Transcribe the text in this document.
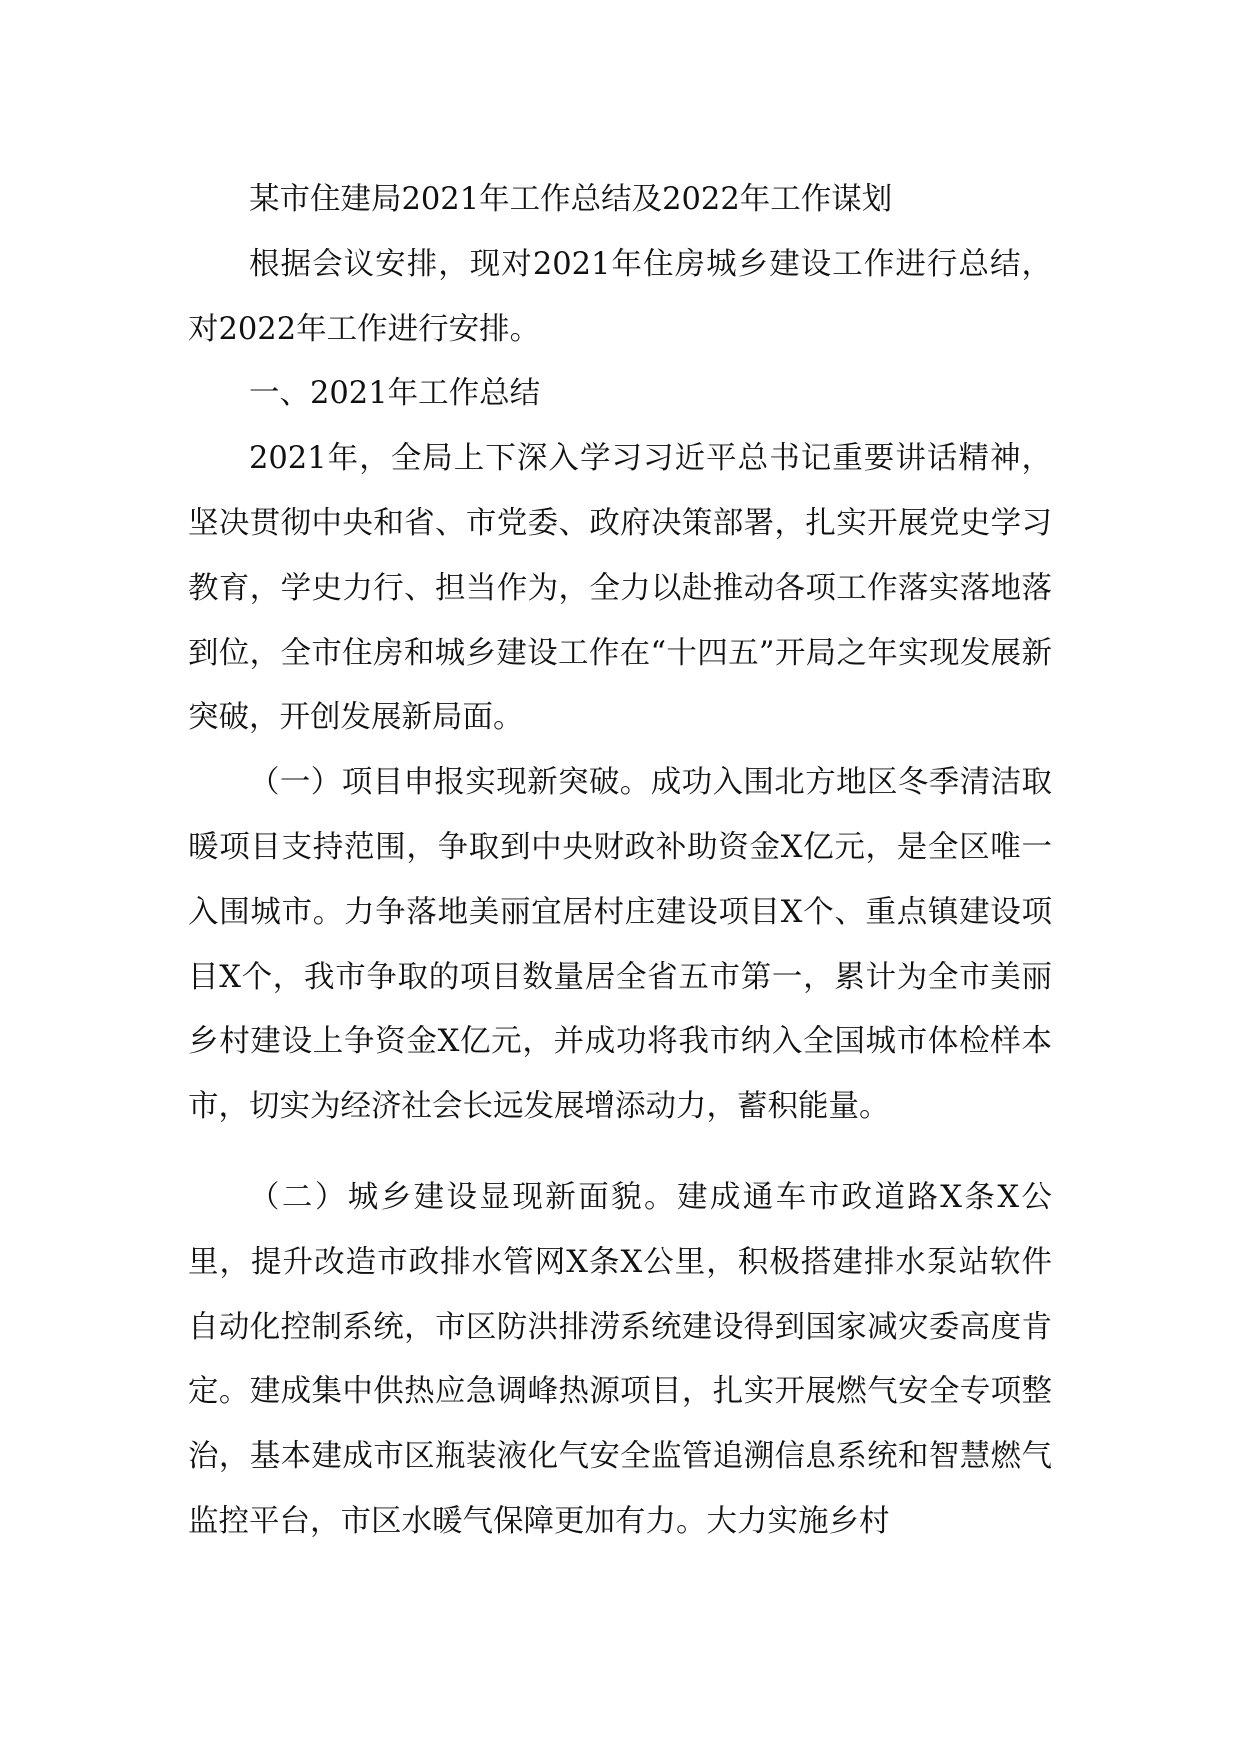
某市住建局2021年工作总结及2022年工作谋划

根据会议安排，现对2021年住房城乡建设工作进行总结，对2022年工作进行安排。

一、2021年工作总结

2021年，全局上下深入学习习近平总书记重要讲话精神，坚决贯彻中央和省、市党委、政府决策部署，扎实开展党史学习教育，学史力行、担当作为，全力以赴推动各项工作落实落地落到位，全市住房和城乡建设工作在“十四五”开局之年实现发展新突破，开创发展新局面。

（一）项目申报实现新突破。成功入围北方地区冬季清洁取暖项目支持范围，争取到中央财政补助资金X亿元，是全区唯一入围城市。力争落地美丽宜居村庄建设项目X个、重点镇建设项目X个，我市争取的项目数量居全省五市第一，累计为全市美丽乡村建设上争资金X亿元，并成功将我市纳入全国城市体检样本市，切实为经济社会长远发展增添动力，蓄积能量。

（二）城乡建设显现新面貌。建成通车市政道路X条X公里，提升改造市政排水管网X条X公里，积极搭建排水泵站软件自动化控制系统，市区防洪排涝系统建设得到国家减灾委高度肯定。建成集中供热应急调峰热源项目，扎实开展燃气安全专项整治，基本建成市区瓶装液化气安全监管追溯信息系统和智慧燃气监控平台，市区水暖气保障更加有力。大力实施乡村
